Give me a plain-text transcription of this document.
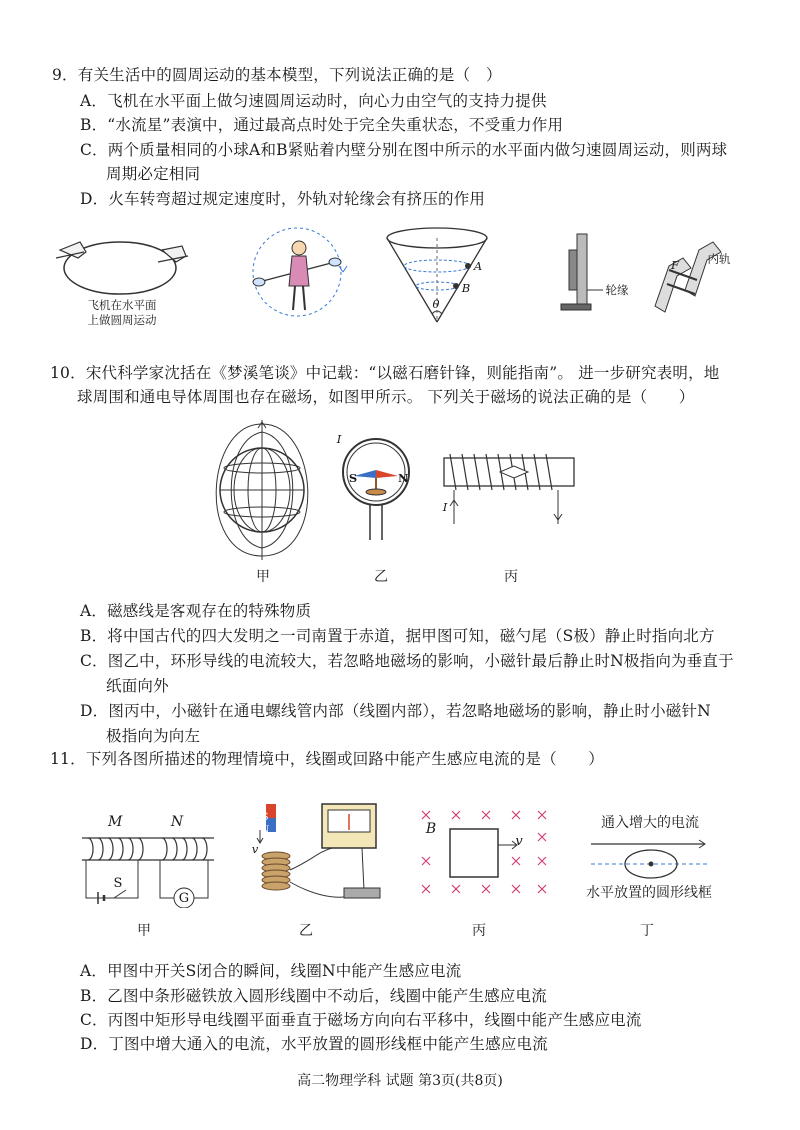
9．有关生活中的圆周运动的基本模型，下列说法正确的是（　）
A．飞机在水平面上做匀速圆周运动时，向心力由空气的支持力提供
B．“水流星”表演中，通过最高点时处于完全失重状态，不受重力作用
C．两个质量相同的小球A和B紧贴着内壁分别在图中所示的水平面内做匀速圆周运动，则两球
周期必定相同
D．火车转弯超过规定速度时，外轨对轮缘会有挤压的作用
飞机在水平面
上做圆周运动
A
B
θ
轮缘
内轨
F
10．宋代科学家沈括在《梦溪笔谈》中记载：“以磁石磨针锋，则能指南”。 进一步研究表明，地
球周围和通电导体周围也存在磁场，如图甲所示。 下列关于磁场的说法正确的是（　　）
甲
I
S	N
乙
I
丙
A．磁感线是客观存在的特殊物质
B．将中国古代的四大发明之一司南置于赤道，据甲图可知，磁勺尾（S极）静止时指向北方
C．图乙中，环形导线的电流较大，若忽略地磁场的影响，小磁针最后静止时N极指向为垂直于
纸面向外
D．图丙中，小磁针在通电螺线管内部（线圈内部），若忽略地磁场的影响，静止时小磁针N
极指向为向左
11．下列各图所描述的物理情境中，线圈或回路中能产生感应电流的是（　　）
M	N
S
G
甲
v
S
N
乙
B
v
丙
通入增大的电流
水平放置的圆形线框
丁
A．甲图中开关S闭合的瞬间，线圈N中能产生感应电流
B．乙图中条形磁铁放入圆形线圈中不动后，线圈中能产生感应电流
C．丙图中矩形导电线圈平面垂直于磁场方向向右平移中，线圈中能产生感应电流
D．丁图中增大通入的电流，水平放置的圆形线框中能产生感应电流
高二物理学科 试题 第3页(共8页)
